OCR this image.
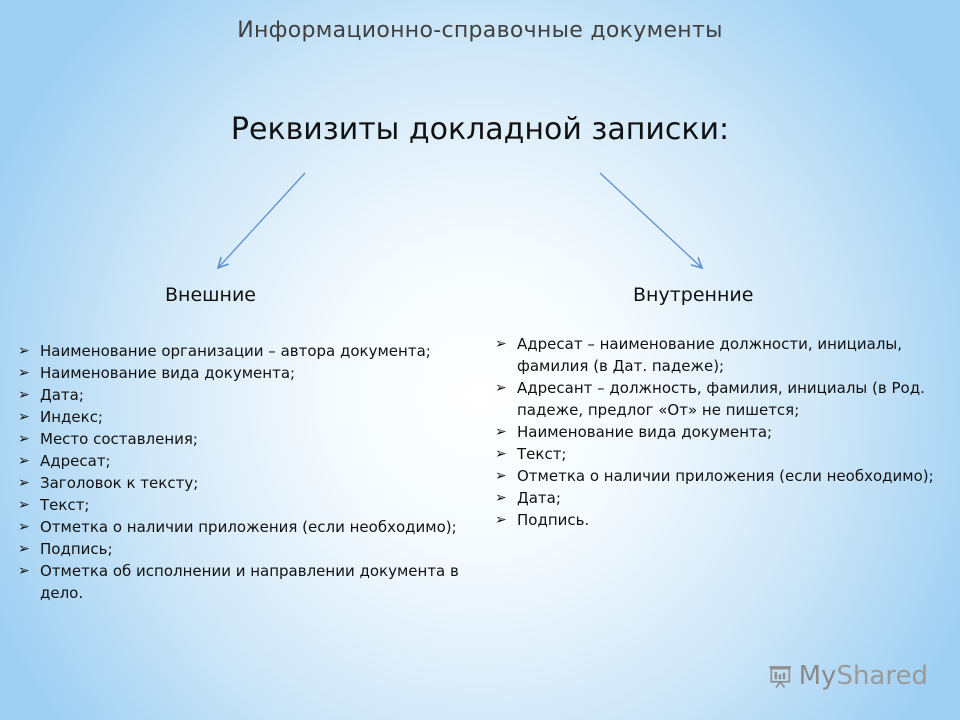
Информационно-справочные документы
Реквизиты докладной записки:
Внешние	Внутренние
➢ Наименование организации – автора документа;
➢ Наименование вида документа;
➢ Дата;
➢ Индекс;
➢ Место составления;
➢ Адресат;
➢ Заголовок к тексту;
➢ Текст;
➢ Отметка о наличии приложения (если необходимо);
➢ Подпись;
➢ Отметка об исполнении и направлении документа в дело.
➢ Адресат – наименование должности, инициалы, фамилия (в Дат. падеже);
➢ Адресант – должность, фамилия, инициалы (в Род. падеже, предлог «От» не пишется;
➢ Наименование вида документа;
➢ Текст;
➢ Отметка о наличии приложения (если необходимо);
➢ Дата;
➢ Подпись.
My Shared
